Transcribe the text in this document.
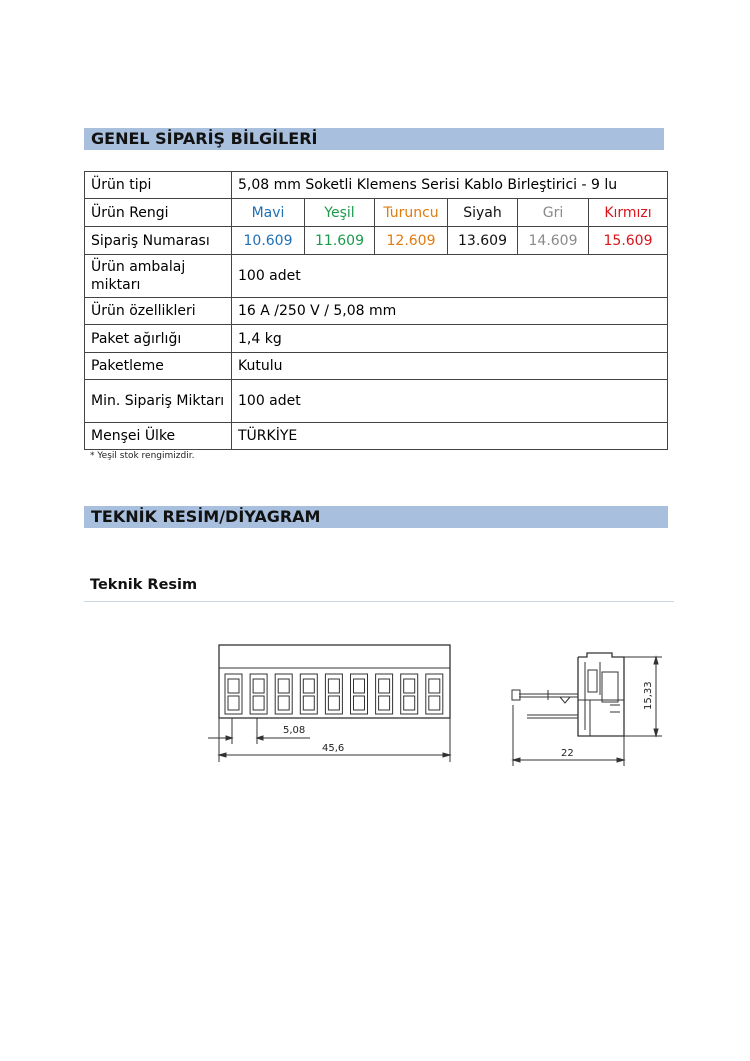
GENEL SİPARİŞ BİLGİLERİ
Ürün tipi	5,08 mm Soketli Klemens Serisi Kablo Birleştirici - 9 lu					
Ürün Rengi	Mavi	Yeşil	Turuncu	Siyah	Gri	Kırmızı
Sipariş Numarası	10.609	11.609	12.609	13.609	14.609	15.609
Ürün ambalaj miktarı	100 adet					
Ürün özellikleri	16 A /250 V / 5,08 mm					
Paket ağırlığı	1,4 kg					
Paketleme	Kutulu					
Min. Sipariş Miktarı	100 adet					
Menşei Ülke	TÜRKİYE					
* Yeşil stok rengimizdir.
TEKNİK RESİM/DİYAGRAM
Teknik Resim
5,08
45,6	22
15,33
